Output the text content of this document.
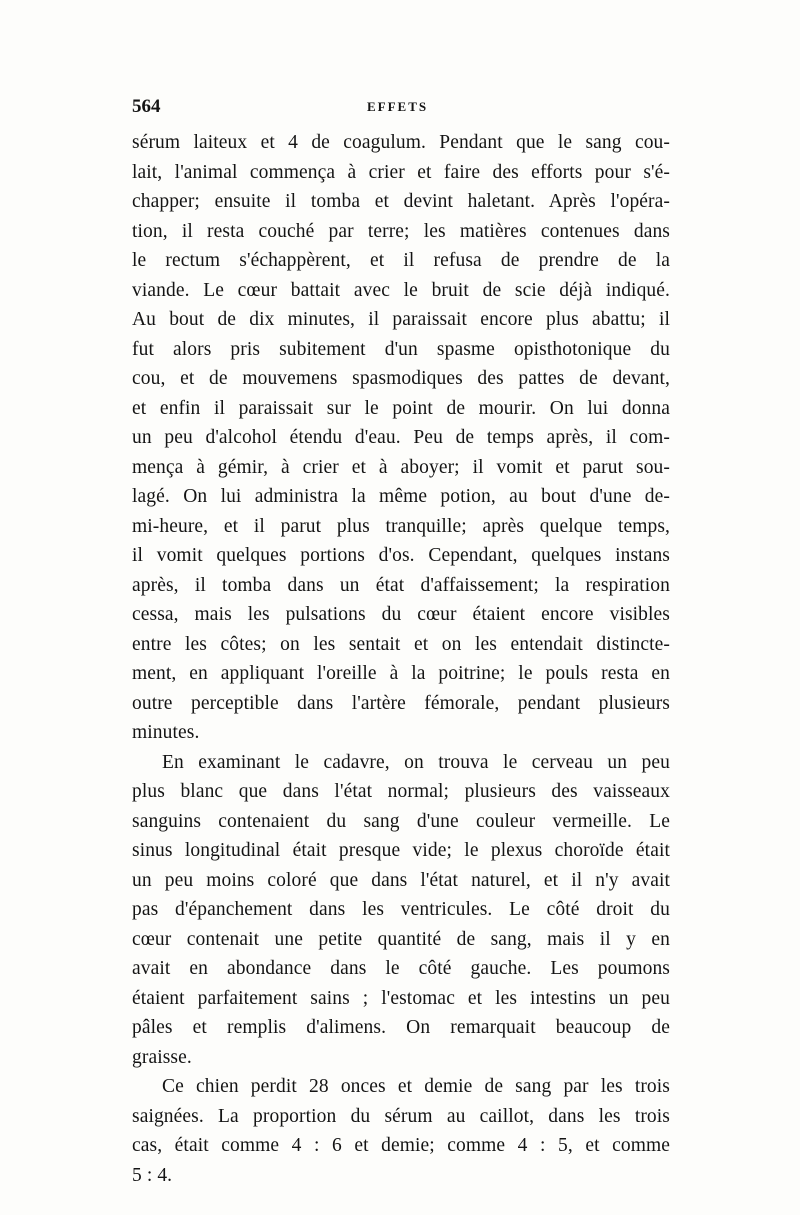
564	EFFETS
sérum laiteux et 4 de coagulum. Pendant que le sang cou-
lait, l'animal commença à crier et faire des efforts pour s'é-
chapper; ensuite il tomba et devint haletant. Après l'opéra-
tion, il resta couché par terre; les matières contenues dans
le rectum s'échappèrent, et il refusa de prendre de la
viande. Le cœur battait avec le bruit de scie déjà indiqué.
Au bout de dix minutes, il paraissait encore plus abattu; il
fut alors pris subitement d'un spasme opisthotonique du
cou, et de mouvemens spasmodiques des pattes de devant,
et enfin il paraissait sur le point de mourir. On lui donna
un peu d'alcohol étendu d'eau. Peu de temps après, il com-
mença à gémir, à crier et à aboyer; il vomit et parut sou-
lagé. On lui administra la même potion, au bout d'une de-
mi-heure, et il parut plus tranquille; après quelque temps,
il vomit quelques portions d'os. Cependant, quelques instans
après, il tomba dans un état d'affaissement; la respiration
cessa, mais les pulsations du cœur étaient encore visibles
entre les côtes; on les sentait et on les entendait distincte-
ment, en appliquant l'oreille à la poitrine; le pouls resta en
outre perceptible dans l'artère fémorale, pendant plusieurs
minutes.
En examinant le cadavre, on trouva le cerveau un peu
plus blanc que dans l'état normal; plusieurs des vaisseaux
sanguins contenaient du sang d'une couleur vermeille. Le
sinus longitudinal était presque vide; le plexus choroïde était
un peu moins coloré que dans l'état naturel, et il n'y avait
pas d'épanchement dans les ventricules. Le côté droit du
cœur contenait une petite quantité de sang, mais il y en
avait en abondance dans le côté gauche. Les poumons
étaient parfaitement sains ; l'estomac et les intestins un peu
pâles et remplis d'alimens. On remarquait beaucoup de
graisse.
Ce chien perdit 28 onces et demie de sang par les trois
saignées. La proportion du sérum au caillot, dans les trois
cas, était comme 4 : 6 et demie; comme 4 : 5, et comme
5 : 4.
